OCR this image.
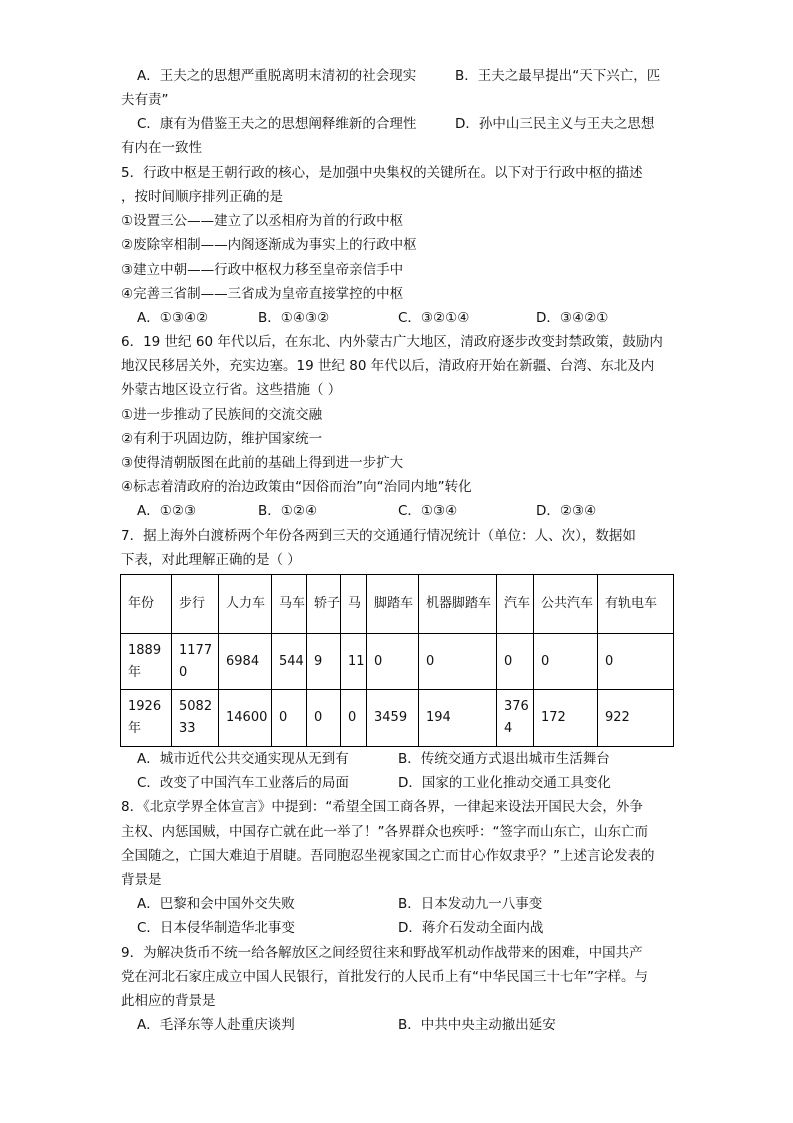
A．王夫之的思想严重脱离明末清初的社会现实	B．王夫之最早提出“天下兴亡，匹
夫有责”
C．康有为借鉴王夫之的思想阐释维新的合理性	D．孙中山三民主义与王夫之思想
有内在一致性
5．行政中枢是王朝行政的核心，是加强中央集权的关键所在。以下对于行政中枢的描述
，按时间顺序排列正确的是
①设置三公——建立了以丞相府为首的行政中枢
②废除宰相制——内阁逐渐成为事实上的行政中枢
③建立中朝——行政中枢权力移至皇帝亲信手中
④完善三省制——三省成为皇帝直接掌控的中枢
A．①③④②	B．①④③②	C．③②①④	D．③④②①
6．19 世纪 60 年代以后，在东北、内外蒙古广大地区，清政府逐步改变封禁政策，鼓励内
地汉民移居关外，充实边塞。19 世纪 80 年代以后，清政府开始在新疆、台湾、东北及内
外蒙古地区设立行省。这些措施（ ）
①进一步推动了民族间的交流交融
②有利于巩固边防，维护国家统一
③使得清朝版图在此前的基础上得到进一步扩大
④标志着清政府的治边政策由“因俗而治”向“治同内地”转化
A．①②③	B．①②④	C．①③④	D．②③④
7．据上海外白渡桥两个年份各两到三天的交通通行情况统计（单位：人、次），数据如
下表，对此理解正确的是（ ）
年份	步行	人力车	马车	轿子	马	脚踏车	机器脚踏车	汽车	公共汽车	有轨电车
1889年	11770	6984	544	9	11	0	0	0	0	0
1926年	508233	14600	0	0	0	3459	194	3764	172	922
A．城市近代公共交通实现从无到有	B．传统交通方式退出城市生活舞台
C．改变了中国汽车工业落后的局面	D．国家的工业化推动交通工具变化
8．《北京学界全体宣言》中提到：“希望全国工商各界，一律起来设法开国民大会，外争
主权、内惩国贼，中国存亡就在此一举了！”各界群众也疾呼：“签字而山东亡，山东亡而
全国随之，亡国大难迫于眉睫。吾同胞忍坐视家国之亡而甘心作奴隶乎？”上述言论发表的
背景是
A．巴黎和会中国外交失败	B．日本发动九一八事变
C．日本侵华制造华北事变	D．蒋介石发动全面内战
9．为解决货币不统一给各解放区之间经贸往来和野战军机动作战带来的困难，中国共产
党在河北石家庄成立中国人民银行，首批发行的人民币上有“中华民国三十七年”字样。与
此相应的背景是
A．毛泽东等人赴重庆谈判	B．中共中央主动撤出延安
